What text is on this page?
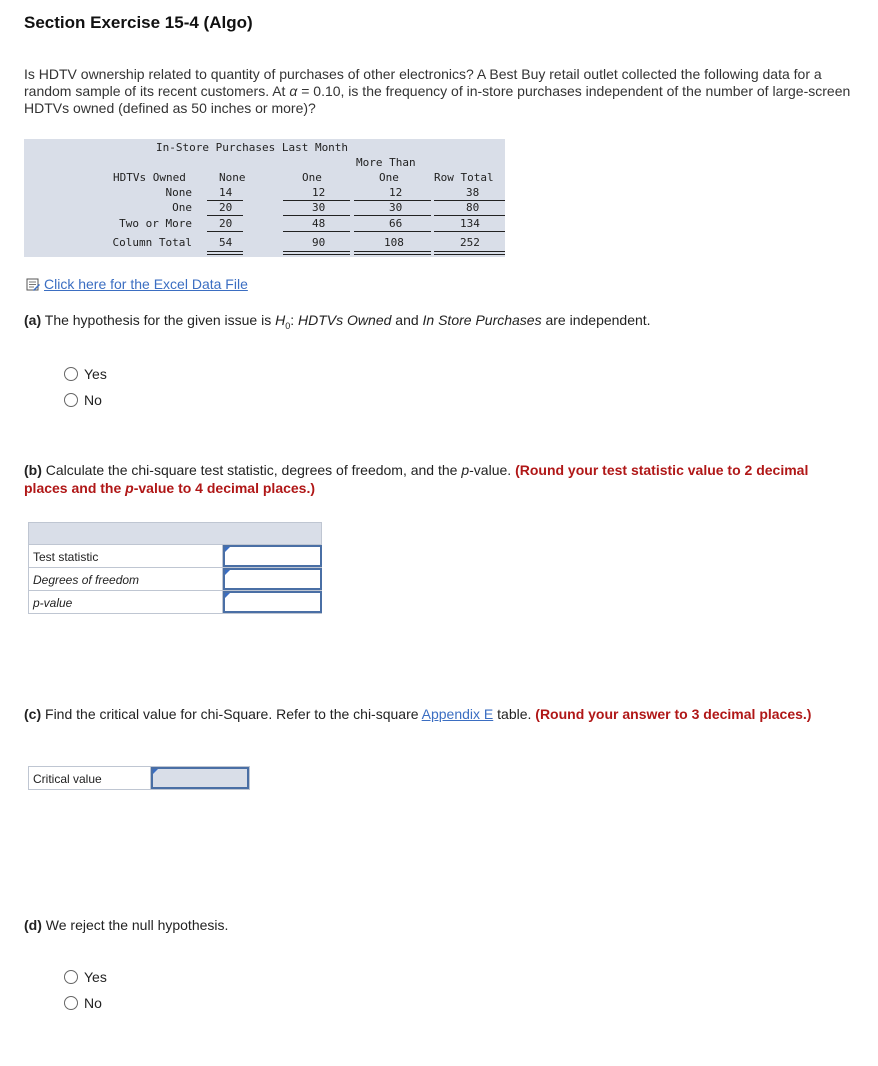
Section Exercise 15-4 (Algo)
Is HDTV ownership related to quantity of purchases of other electronics? A Best Buy retail outlet collected the following data for a random sample of its recent customers. At α = 0.10, is the frequency of in-store purchases independent of the number of large-screen HDTVs owned (defined as 50 inches or more)?
In-Store Purchases Last Month
More Than
HDTVs Owned	None	One	One	Row Total
None 14	12	12	38
One 20	30	30	80
Two or More 20	48	66	134
Column Total 54	90	108	252
Click here for the Excel Data File
(a) The hypothesis for the given issue is $H_0$: HDTVs Owned and In Store Purchases are independent.
Yes
No
(b) Calculate the chi-square test statistic, degrees of freedom, and the p-value. (Round your test statistic value to 2 decimal places and the p-value to 4 decimal places.)
Test statistic
Degrees of freedom
p-value
(c) Find the critical value for chi-Square. Refer to the chi-square Appendix E table. (Round your answer to 3 decimal places.)
Critical value
(d) We reject the null hypothesis.
Yes
No
